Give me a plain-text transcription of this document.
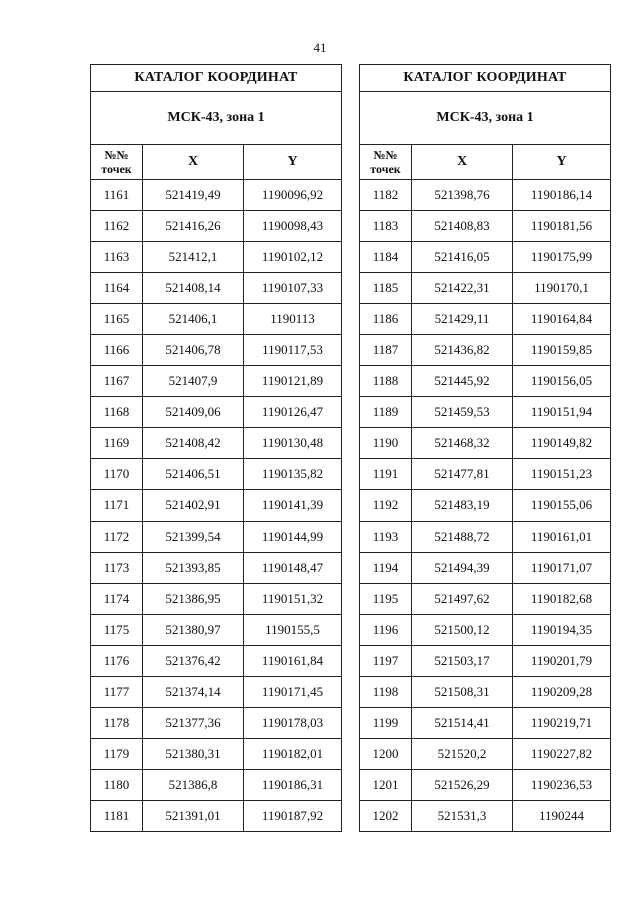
41
КАТАЛОГ КООРДИНАТ		
МСК-43, зона 1		
№№
точек	X	Y
1161	521419,49	1190096,92
1162	521416,26	1190098,43
1163	521412,1	1190102,12
1164	521408,14	1190107,33
1165	521406,1	1190113
1166	521406,78	1190117,53
1167	521407,9	1190121,89
1168	521409,06	1190126,47
1169	521408,42	1190130,48
1170	521406,51	1190135,82
1171	521402,91	1190141,39
1172	521399,54	1190144,99
1173	521393,85	1190148,47
1174	521386,95	1190151,32
1175	521380,97	1190155,5
1176	521376,42	1190161,84
1177	521374,14	1190171,45
1178	521377,36	1190178,03
1179	521380,31	1190182,01
1180	521386,8	1190186,31
1181	521391,01	1190187,92
КАТАЛОГ КООРДИНАТ		
МСК-43, зона 1		
№№
точек	X	Y
1182	521398,76	1190186,14
1183	521408,83	1190181,56
1184	521416,05	1190175,99
1185	521422,31	1190170,1
1186	521429,11	1190164,84
1187	521436,82	1190159,85
1188	521445,92	1190156,05
1189	521459,53	1190151,94
1190	521468,32	1190149,82
1191	521477,81	1190151,23
1192	521483,19	1190155,06
1193	521488,72	1190161,01
1194	521494,39	1190171,07
1195	521497,62	1190182,68
1196	521500,12	1190194,35
1197	521503,17	1190201,79
1198	521508,31	1190209,28
1199	521514,41	1190219,71
1200	521520,2	1190227,82
1201	521526,29	1190236,53
1202	521531,3	1190244
